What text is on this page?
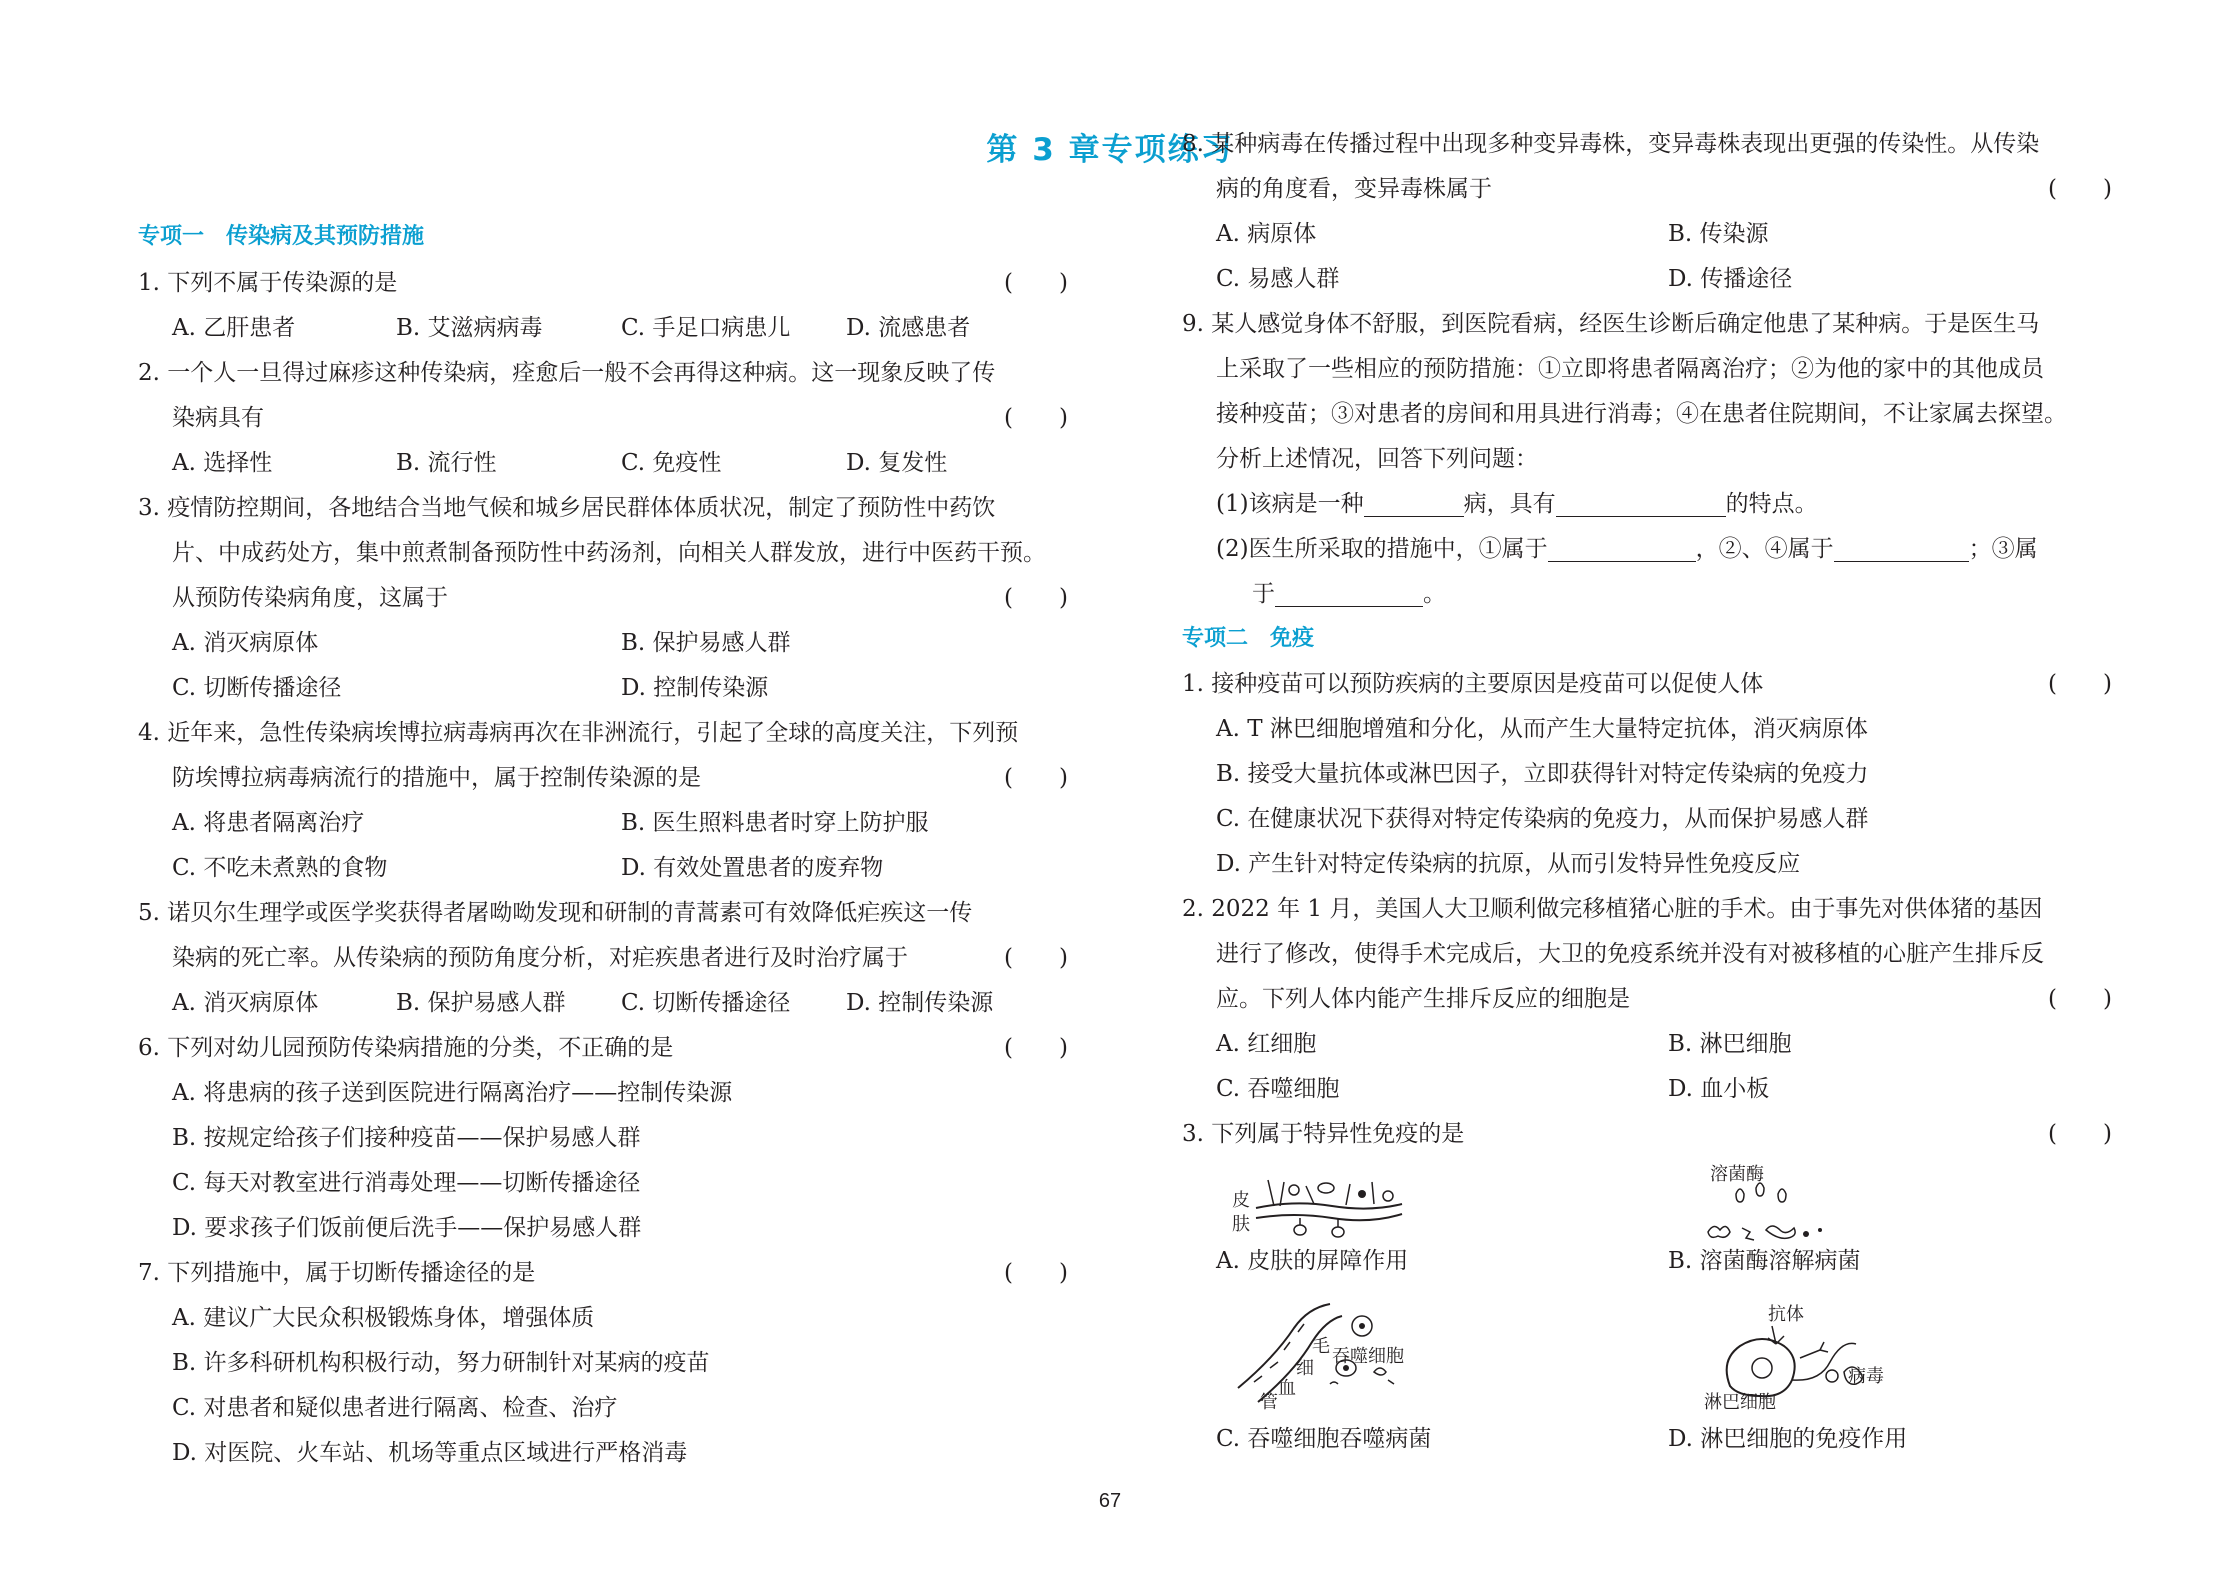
第 3 章专项练习
专项一　传染病及其预防措施
1. 下列不属于传染源的是	(　　)
A. 乙肝患者	B. 艾滋病病毒	C. 手足口病患儿 D. 流感患者
2. 一个人一旦得过麻疹这种传染病，痊愈后一般不会再得这种病。这一现象反映了传
染病具有	(　　)
A. 选择性	B. 流行性	C. 免疫性	D. 复发性
3. 疫情防控期间，各地结合当地气候和城乡居民群体体质状况，制定了预防性中药饮
片、中成药处方，集中煎煮制备预防性中药汤剂，向相关人群发放，进行中医药干预。
从预防传染病角度，这属于	(　　)
A. 消灭病原体	B. 保护易感人群
C. 切断传播途径	D. 控制传染源
4. 近年来，急性传染病埃博拉病毒病再次在非洲流行，引起了全球的高度关注，下列预
防埃博拉病毒病流行的措施中，属于控制传染源的是	(　　)
A. 将患者隔离治疗	B. 医生照料患者时穿上防护服
C. 不吃未煮熟的食物	D. 有效处置患者的废弃物
5. 诺贝尔生理学或医学奖获得者屠呦呦发现和研制的青蒿素可有效降低疟疾这一传
染病的死亡率。从传染病的预防角度分析，对疟疾患者进行及时治疗属于	(　　)
A. 消灭病原体	B. 保护易感人群 C. 切断传播途径 D. 控制传染源
6. 下列对幼儿园预防传染病措施的分类，不正确的是	(　　)
A. 将患病的孩子送到医院进行隔离治疗——控制传染源
B. 按规定给孩子们接种疫苗——保护易感人群
C. 每天对教室进行消毒处理——切断传播途径
D. 要求孩子们饭前便后洗手——保护易感人群
7. 下列措施中，属于切断传播途径的是	(　　)
A. 建议广大民众积极锻炼身体，增强体质
B. 许多科研机构积极行动，努力研制针对某病的疫苗
C. 对患者和疑似患者进行隔离、检查、治疗
D. 对医院、火车站、机场等重点区域进行严格消毒
8. 某种病毒在传播过程中出现多种变异毒株，变异毒株表现出更强的传染性。从传染
病的角度看，变异毒株属于	(　　)
A. 病原体	B. 传染源
C. 易感人群	D. 传播途径
9. 某人感觉身体不舒服，到医院看病，经医生诊断后确定他患了某种病。于是医生马
上采取了一些相应的预防措施：①立即将患者隔离治疗；②为他的家中的其他成员
接种疫苗；③对患者的房间和用具进行消毒；④在患者住院期间，不让家属去探望。
分析上述情况，回答下列问题：
(1)该病是一种	病，具有	的特点。
(2)医生所采取的措施中，①属于	，②、④属于	；③属
于	。
专项二　免疫
1. 接种疫苗可以预防疾病的主要原因是疫苗可以促使人体	(　　)
A. T 淋巴细胞增殖和分化，从而产生大量特定抗体，消灭病原体
B. 接受大量抗体或淋巴因子，立即获得针对特定传染病的免疫力
C. 在健康状况下获得对特定传染病的免疫力，从而保护易感人群
D. 产生针对特定传染病的抗原，从而引发特异性免疫反应
2. 2022 年 1 月，美国人大卫顺利做完移植猪心脏的手术。由于事先对供体猪的基因
进行了修改，使得手术完成后，大卫的免疫系统并没有对被移植的心脏产生排斥反
应。下列人体内能产生排斥反应的细胞是	(　　)
A. 红细胞	B. 淋巴细胞
C. 吞噬细胞	D. 血小板
3. 下列属于特异性免疫的是	(　　)
皮
肤
A. 皮肤的屏障作用
溶菌酶
B. 溶菌酶溶解病菌
毛
细
血
管
吞噬细胞
C. 吞噬细胞吞噬病菌
抗体
病毒
淋巴细胞
D. 淋巴细胞的免疫作用
67
